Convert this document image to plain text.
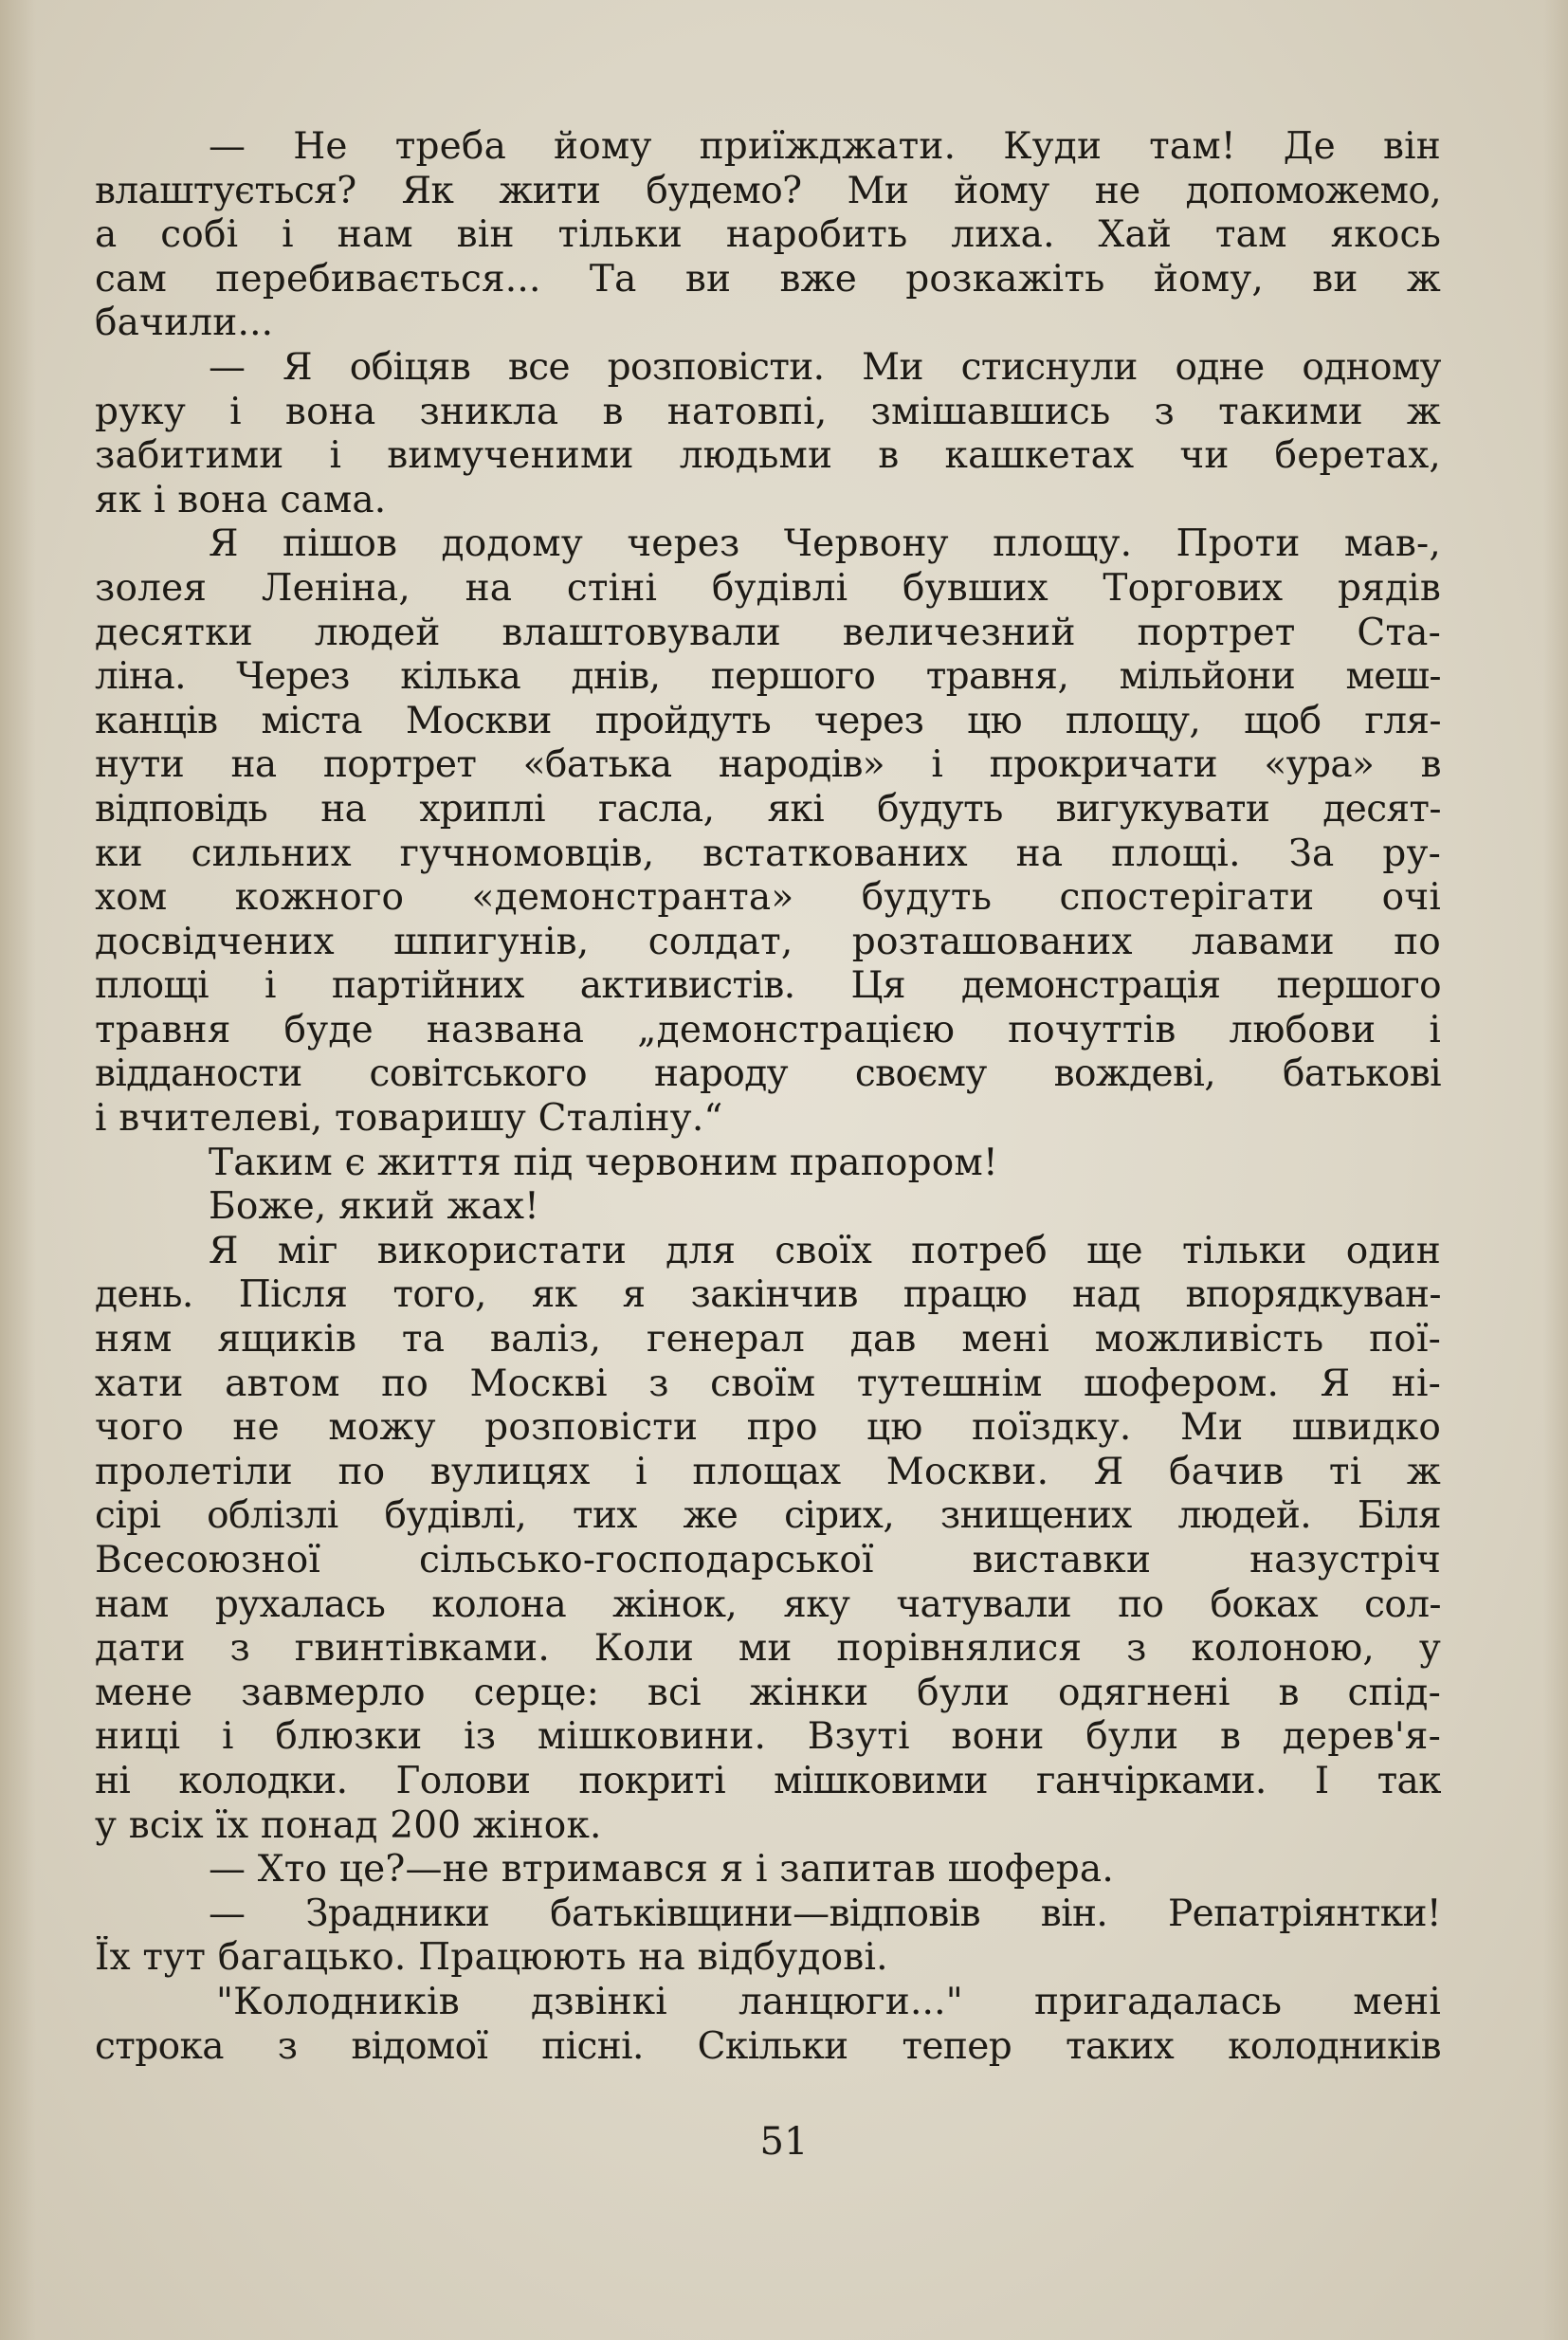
— Не треба йому приїжджати. Куди там! Де він
влаштується? Як жити будемо? Ми йому не допоможемо,
а собі і нам він тільки наробить лиха. Хай там якось
сам перебивається... Та ви вже розкажіть йому, ви ж
бачили...
— Я обіцяв все розповісти. Ми стиснули одне одному
руку і вона зникла в натовпі, змішавшись з такими ж
забитими і вимученими людьми в кашкетах чи беретах,
як і вона сама.
Я пішов додому через Червону площу. Проти мав-,
золея Леніна, на стіні будівлі бувших Торгових рядів
десятки людей влаштовували величезний портрет Ста-
ліна. Через кілька днів, першого травня, мільйони меш-
канців міста Москви пройдуть через цю площу, щоб гля-
нути на портрет «батька народів» і прокричати «ура» в
відповідь на хриплі гасла, які будуть вигукувати десят-
ки сильних гучномовців, встаткованих на площі. За ру-
хом кожного «демонстранта» будуть спостерігати очі
досвідчених шпигунів, солдат, розташованих лавами по
площі і партійних активистів. Ця демонстрація першого
травня буде названа „демонстрацією почуттів любови і
відданости совітського народу своєму вождеві, батькові
і вчителеві, товаришу Сталіну.“
Таким є життя під червоним прапором!
Боже, який жах!
Я міг використати для своїх потреб ще тільки один
день. Після того, як я закінчив працю над впорядкуван-
ням ящиків та валіз, генерал дав мені можливість пої-
хати автом по Москві з своїм тутешнім шофером. Я ні-
чого не можу розповісти про цю поїздку. Ми швидко
пролетіли по вулицях і площах Москви. Я бачив ті ж
сірі облізлі будівлі, тих же сірих, знищених людей. Біля
Всесоюзної сільсько-господарської виставки назустріч
нам рухалась колона жінок, яку чатували по боках сол-
дати з гвинтівками. Коли ми порівнялися з колоною, у
мене завмерло серце: всі жінки були одягнені в спід-
ниці і блюзки із мішковини. Взуті вони були в дерев'я-
ні колодки. Голови покриті мішковими ганчірками. І так
у всіх їх понад 200 жінок.
— Хто це?—не втримався я і запитав шофера.
— Зрадники батьківщини—відповів він. Репатріянтки!
Їх тут багацько. Працюють на відбудові.
"Колодників дзвінкі ланцюги..." пригадалась мені
строка з відомої пісні. Скільки тепер таких колодників
51
